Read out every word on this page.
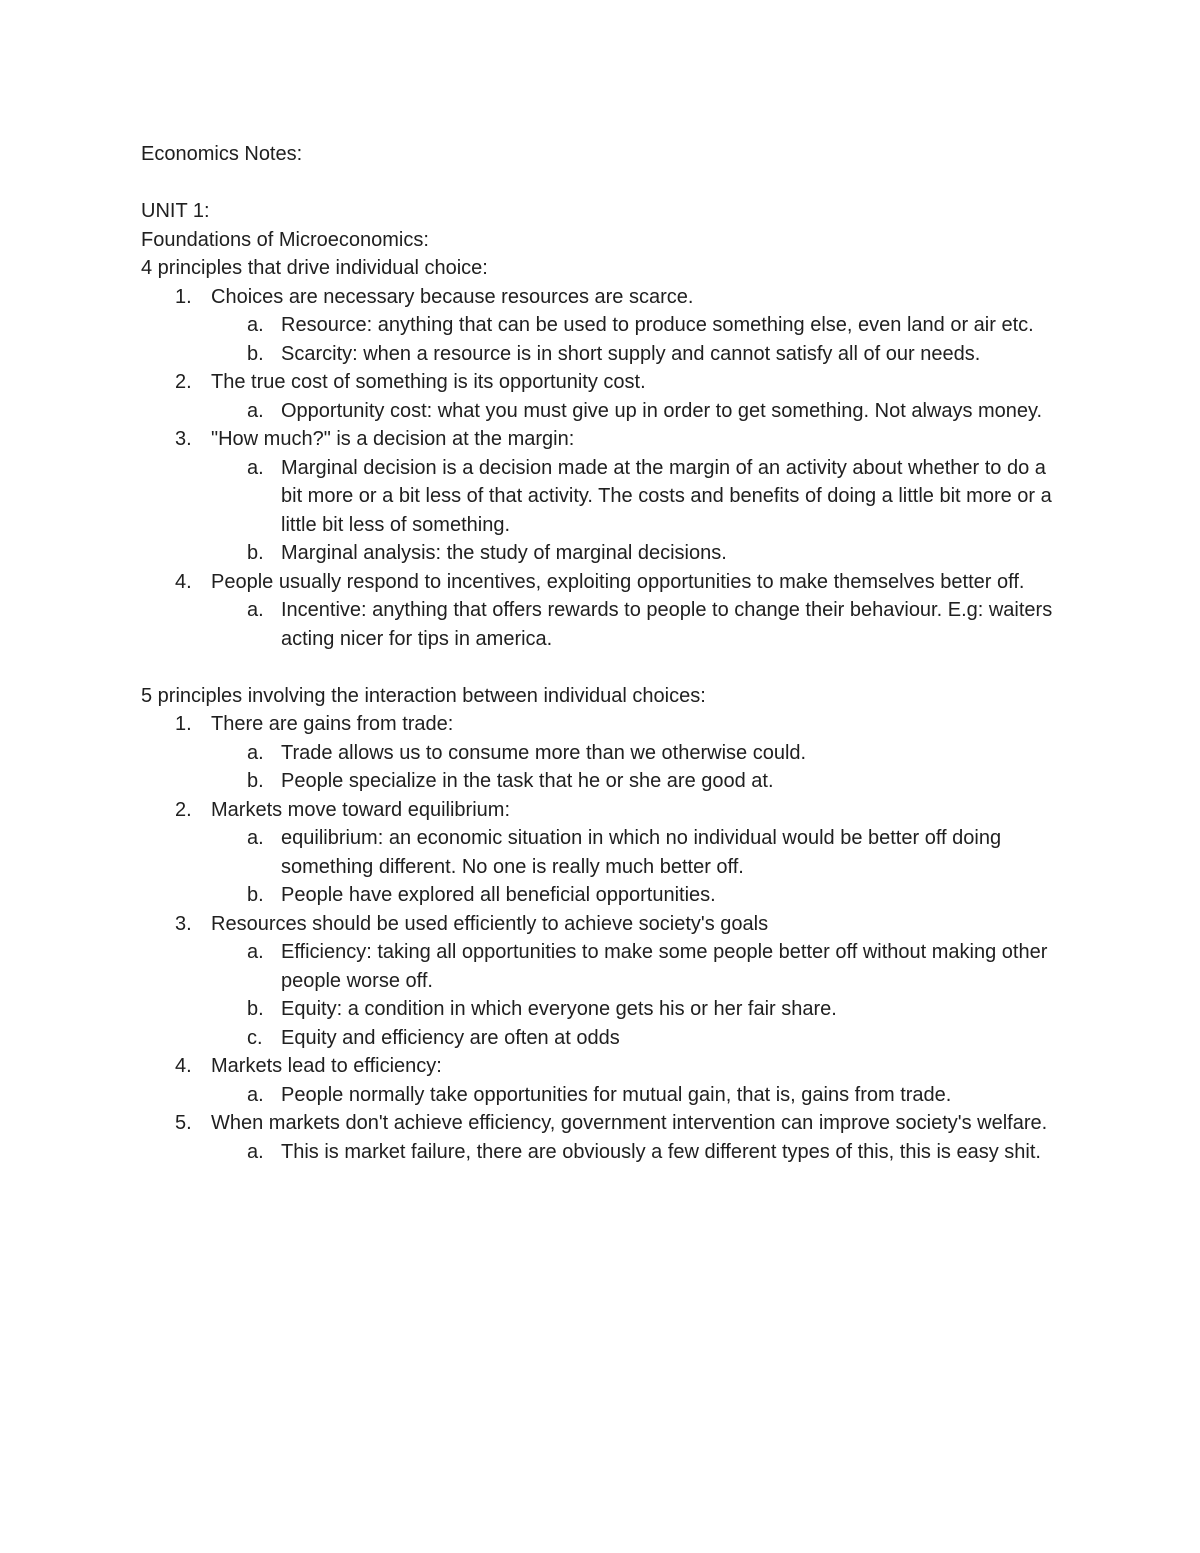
Economics Notes:
UNIT 1:
Foundations of Microeconomics:
4 principles that drive individual choice:
1. Choices are necessary because resources are scarce.
a. Resource: anything that can be used to produce something else, even land or air etc.
b. Scarcity: when a resource is in short supply and cannot satisfy all of our needs.
2. The true cost of something is its opportunity cost.
a. Opportunity cost: what you must give up in order to get something. Not always money.
3. "How much?" is a decision at the margin:
a. Marginal decision is a decision made at the margin of an activity about whether to do a bit more or a bit less of that activity. The costs and benefits of doing a little bit more or a little bit less of something.
b. Marginal analysis: the study of marginal decisions.
4. People usually respond to incentives, exploiting opportunities to make themselves better off.
a. Incentive: anything that offers rewards to people to change their behaviour. E.g: waiters acting nicer for tips in america.
5 principles involving the interaction between individual choices:
1. There are gains from trade:
a. Trade allows us to consume more than we otherwise could.
b. People specialize in the task that he or she are good at.
2. Markets move toward equilibrium:
a. equilibrium: an economic situation in which no individual would be better off doing something different. No one is really much better off.
b. People have explored all beneficial opportunities.
3. Resources should be used efficiently to achieve society's goals
a. Efficiency: taking all opportunities to make some people better off without making other people worse off.
b. Equity: a condition in which everyone gets his or her fair share.
c. Equity and efficiency are often at odds
4. Markets lead to efficiency:
a. People normally take opportunities for mutual gain, that is, gains from trade.
5. When markets don't achieve efficiency, government intervention can improve society's welfare.
a. This is market failure, there are obviously a few different types of this, this is easy shit.
